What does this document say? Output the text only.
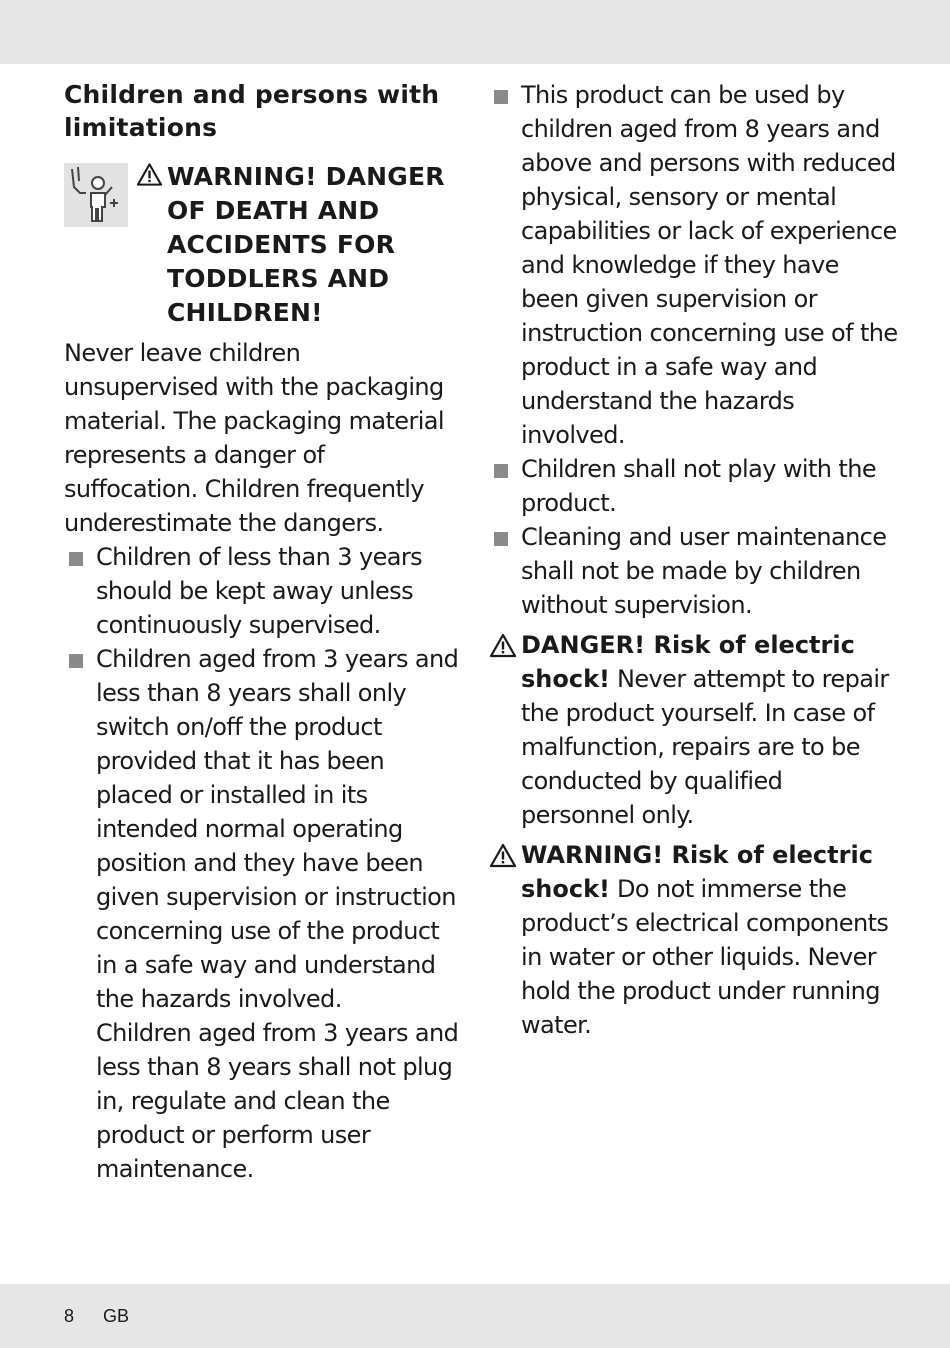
Children and persons with limitations
WARNING! DANGER OF DEATH AND ACCIDENTS FOR TODDLERS AND CHILDREN!

Never leave children unsupervised with the packaging material. The packaging material represents a danger of suffocation. Children frequently underestimate the dangers.

Children of less than 3 years should be kept away unless continuously supervised.
Children aged from 3 years and less than 8 years shall only switch on/off the product provided that it has been placed or installed in its intended normal operating position and they have been given supervision or instruction concerning use of the product in a safe way and understand the hazards involved.

Children aged from 3 years and less than 8 years shall not plug in, regulate and clean the product or perform user maintenance.

This product can be used by children aged from 8 years and above and persons with reduced physical, sensory or mental capabilities or lack of experience and knowledge if they have been given supervision or instruction concerning use of the product in a safe way and understand the hazards involved.
Children shall not play with the product.
Cleaning and user maintenance shall not be made by children without supervision.
DANGER! Risk of electric shock! Never attempt to repair the product yourself. In case of malfunction, repairs are to be conducted by qualified personnel only.
WARNING! Risk of electric shock! Do not immerse the product’s electrical components in water or other liquids. Never hold the product under running water.
8 GB
